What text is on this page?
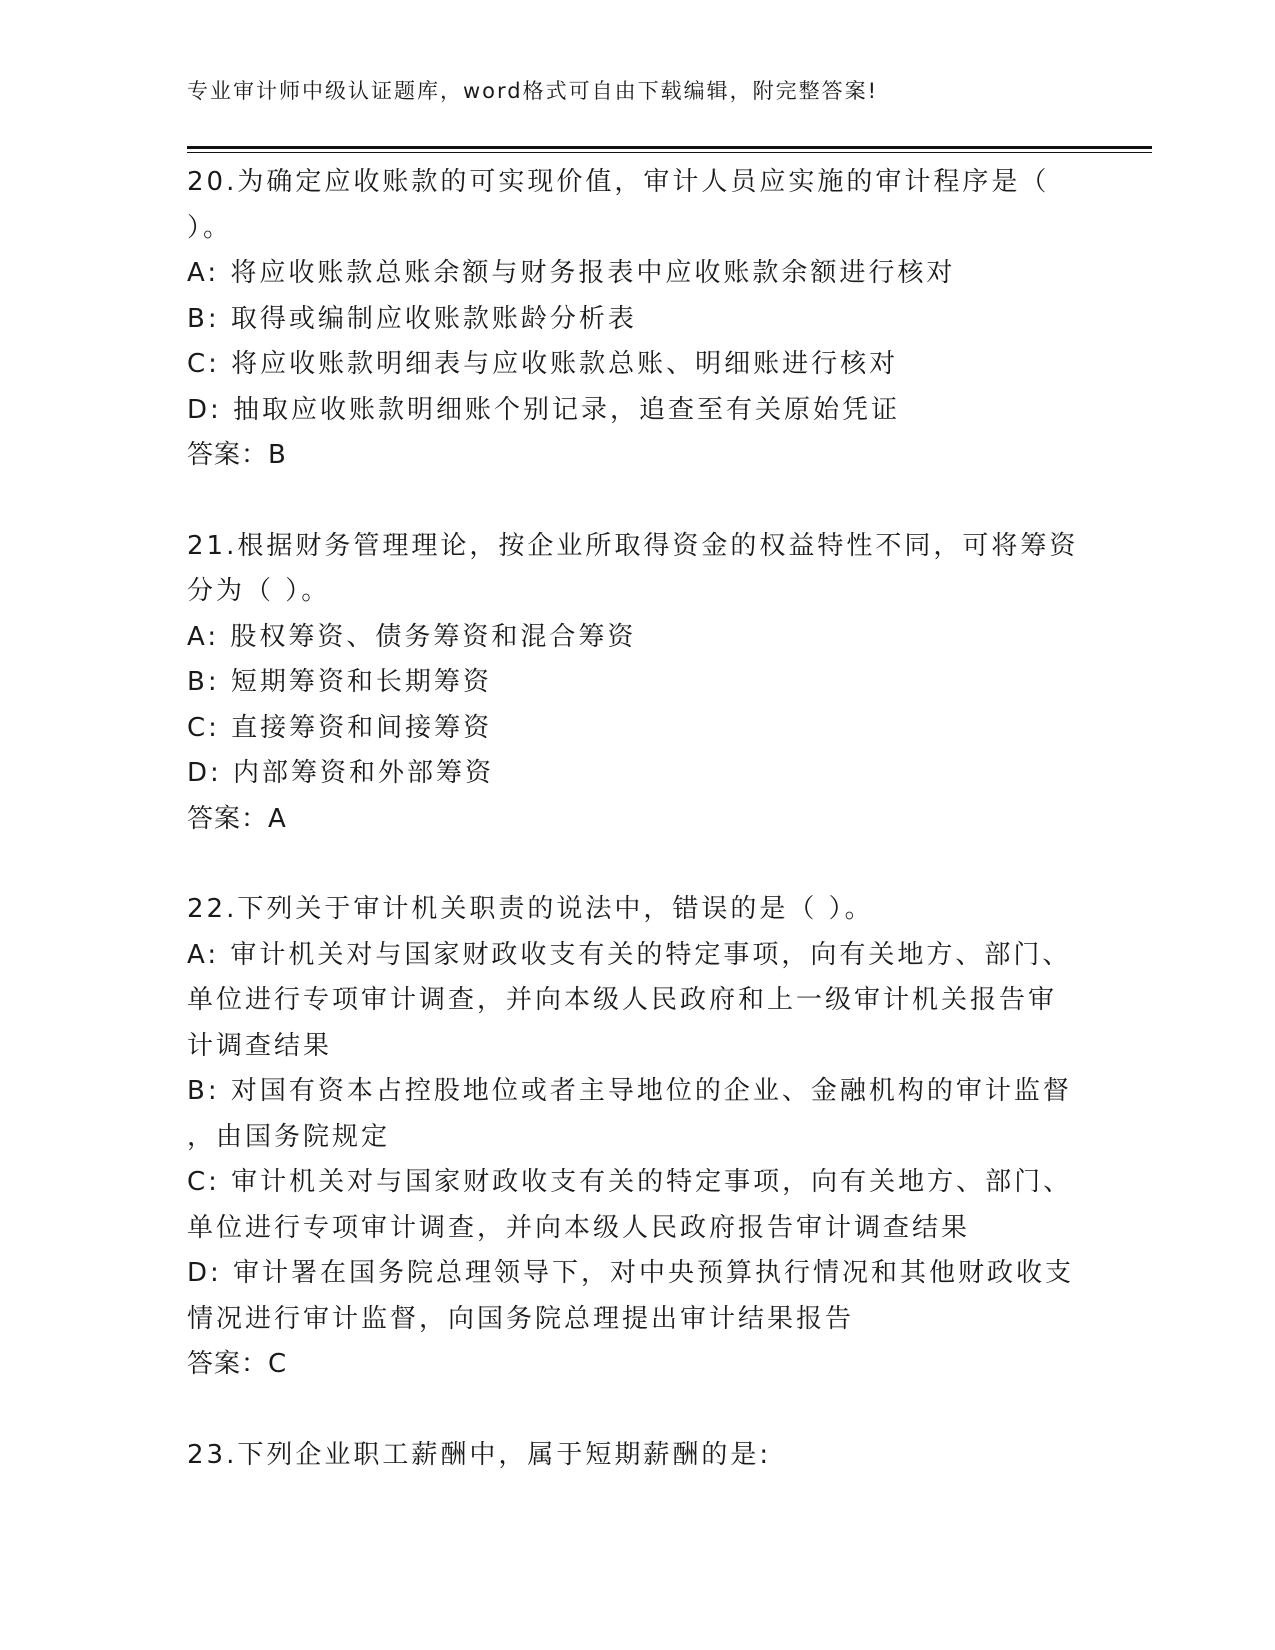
专业审计师中级认证题库，word格式可自由下载编辑，附完整答案!
20.为确定应收账款的可实现价值，审计人员应实施的审计程序是（
）。
A: 将应收账款总账余额与财务报表中应收账款余额进行核对
B: 取得或编制应收账款账龄分析表
C: 将应收账款明细表与应收账款总账、明细账进行核对
D: 抽取应收账款明细账个别记录，追查至有关原始凭证
答案：B
21.根据财务管理理论，按企业所取得资金的权益特性不同，可将筹资
分为（ ）。
A: 股权筹资、债务筹资和混合筹资
B: 短期筹资和长期筹资
C: 直接筹资和间接筹资
D: 内部筹资和外部筹资
答案：A
22.下列关于审计机关职责的说法中，错误的是（ ）。
A: 审计机关对与国家财政收支有关的特定事项，向有关地方、部门、
单位进行专项审计调查，并向本级人民政府和上一级审计机关报告审
计调查结果
B: 对国有资本占控股地位或者主导地位的企业、金融机构的审计监督
，由国务院规定
C: 审计机关对与国家财政收支有关的特定事项，向有关地方、部门、
单位进行专项审计调查，并向本级人民政府报告审计调查结果
D: 审计署在国务院总理领导下，对中央预算执行情况和其他财政收支
情况进行审计监督，向国务院总理提出审计结果报告
答案：C
23.下列企业职工薪酬中，属于短期薪酬的是:
